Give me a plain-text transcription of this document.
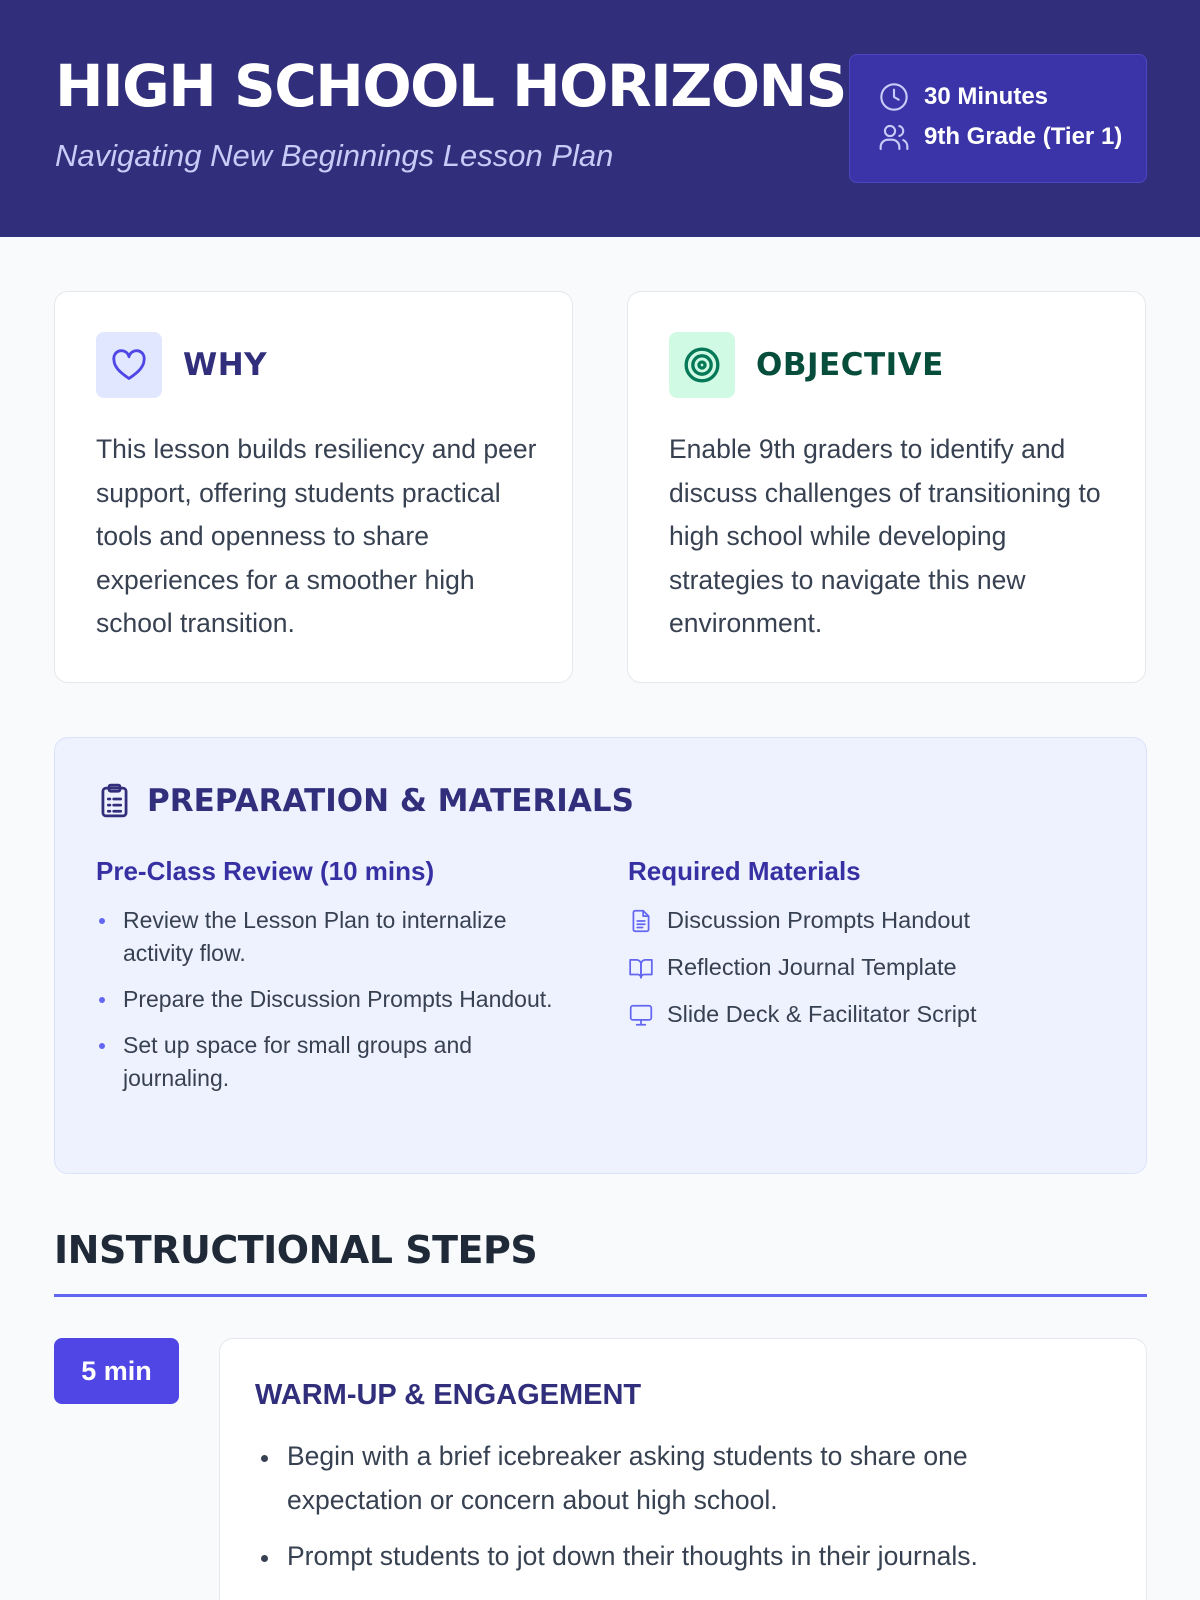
HIGH SCHOOL HORIZONS
Navigating New Beginnings Lesson Plan
30 Minutes
9th Grade (Tier 1)
WHY
This lesson builds resiliency and peer support, offering students practical tools and openness to share experiences for a smoother high school transition.
OBJECTIVE
Enable 9th graders to identify and discuss challenges of transitioning to high school while developing strategies to navigate this new environment.
PREPARATION & MATERIALS
Pre-Class Review (10 mins)
Review the Lesson Plan to internalize activity flow.
Prepare the Discussion Prompts Handout.
Set up space for small groups and journaling.
Required Materials
Discussion Prompts Handout
Reflection Journal Template
Slide Deck & Facilitator Script
INSTRUCTIONAL STEPS
5 min
WARM-UP & ENGAGEMENT
Begin with a brief icebreaker asking students to share one expectation or concern about high school.
Prompt students to jot down their thoughts in their journals.
